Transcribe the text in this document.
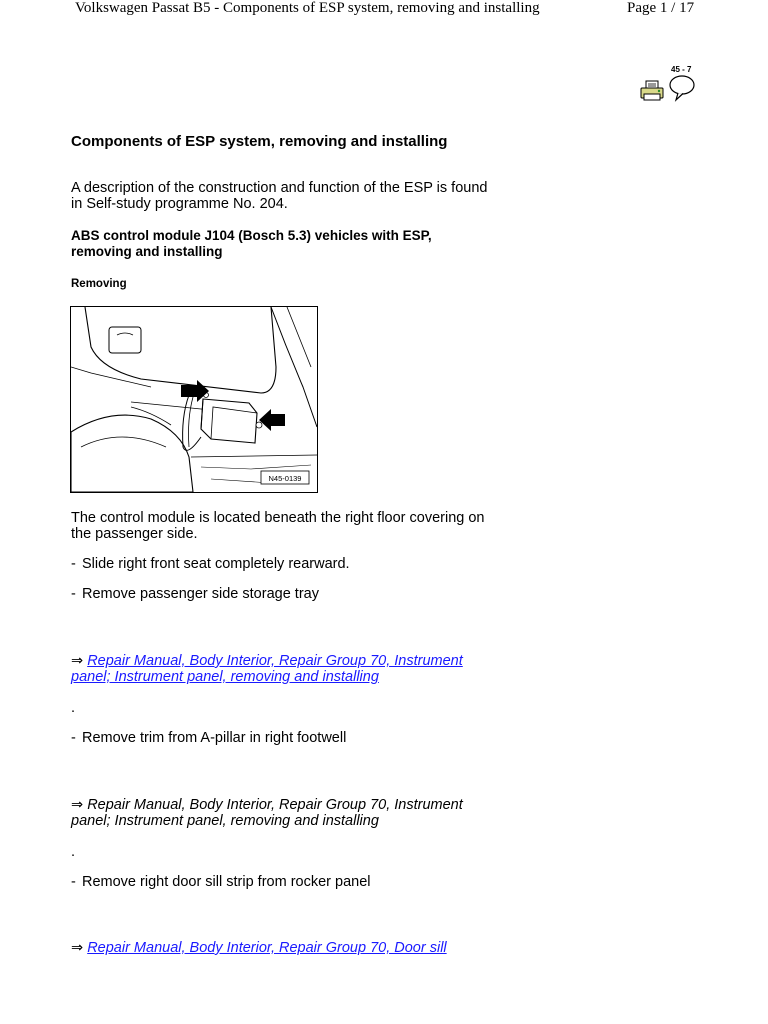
Volkswagen Passat B5 - Components of ESP system, removing and installing	Page 1 / 17
45 - 7
Components of ESP system, removing and installing
A description of the construction and function of the ESP is found in Self-study programme No. 204.
ABS control module J104 (Bosch 5.3) vehicles with ESP, removing and installing
Removing
N45-0139
The control module is located beneath the right floor covering on the passenger side.
- Slide right front seat completely rearward.
- Remove passenger side storage tray
⇒ Repair Manual, Body Interior, Repair Group 70, Instrument panel; Instrument panel, removing and installing
.
- Remove trim from A-pillar in right footwell
⇒ Repair Manual, Body Interior, Repair Group 70, Instrument panel; Instrument panel, removing and installing
.
- Remove right door sill strip from rocker panel
⇒ Repair Manual, Body Interior, Repair Group 70, Door sill
